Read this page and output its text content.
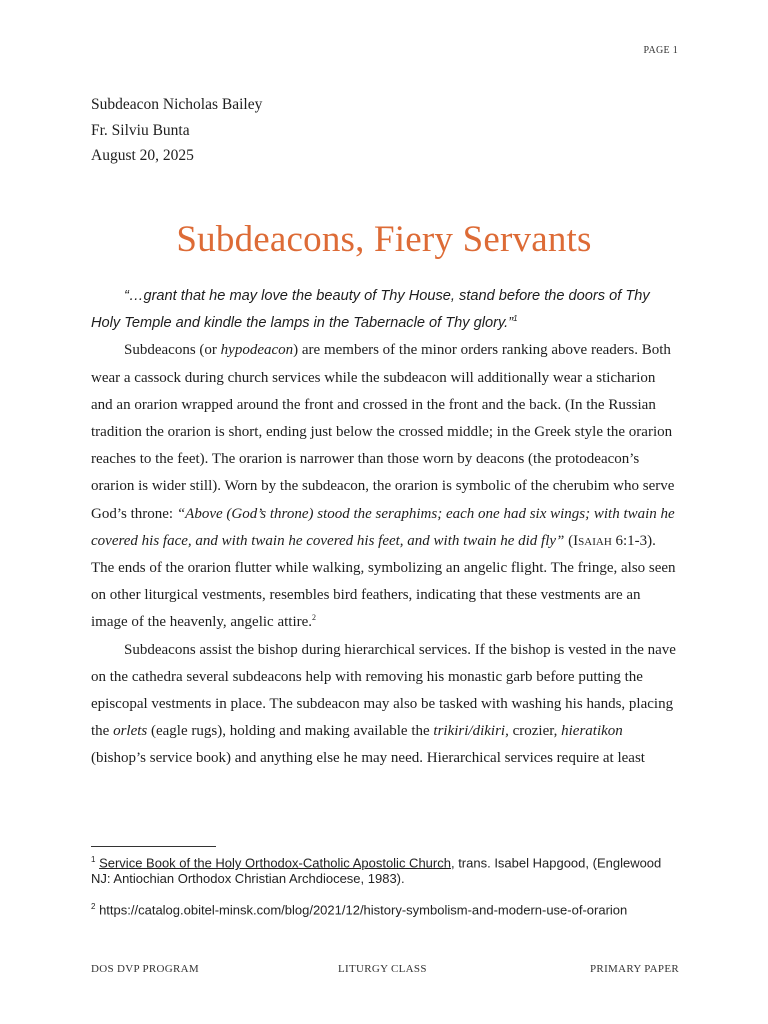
PAGE 1
Subdeacon Nicholas Bailey
Fr. Silviu Bunta
August 20, 2025
Subdeacons, Fiery Servants

“…grant that he may love the beauty of Thy House, stand before the doors of Thy Holy Temple and kindle the lamps in the Tabernacle of Thy glory.”$^1$

Subdeacons (or hypodeacon) are members of the minor orders ranking above readers. Both wear a cassock during church services while the subdeacon will additionally wear a sticharion and an orarion wrapped around the front and crossed in the front and the back. (In the Russian tradition the orarion is short, ending just below the crossed middle; in the Greek style the orarion reaches to the feet). The orarion is narrower than those worn by deacons (the protodeacon’s orarion is wider still). Worn by the subdeacon, the orarion is symbolic of the cherubim who serve God’s throne: “Above (God’s throne) stood the seraphims; each one had six wings; with twain he covered his face, and with twain he covered his feet, and with twain he did fly” (Isaiah 6:1-3). The ends of the orarion flutter while walking, symbolizing an angelic flight. The fringe, also seen on other liturgical vestments, resembles bird feathers, indicating that these vestments are an image of the heavenly, angelic attire.$^2$

Subdeacons assist the bishop during hierarchical services. If the bishop is vested in the nave on the cathedra several subdeacons help with removing his monastic garb before putting the episcopal vestments in place. The subdeacon may also be tasked with washing his hands, placing the orlets (eagle rugs), holding and making available the trikiri/dikiri, crozier, hieratikon (bishop’s service book) and anything else he may need. Hierarchical services require at least

$^1$ Service Book of the Holy Orthodox-Catholic Apostolic Church, trans. Isabel Hapgood, (Englewood NJ: Antiochian Orthodox Christian Archdiocese, 1983).
$^2$ https://catalog.obitel-minsk.com/blog/2021/12/history-symbolism-and-modern-use-of-orarion
DOS DVP PROGRAM	LITURGY CLASS	PRIMARY PAPER
